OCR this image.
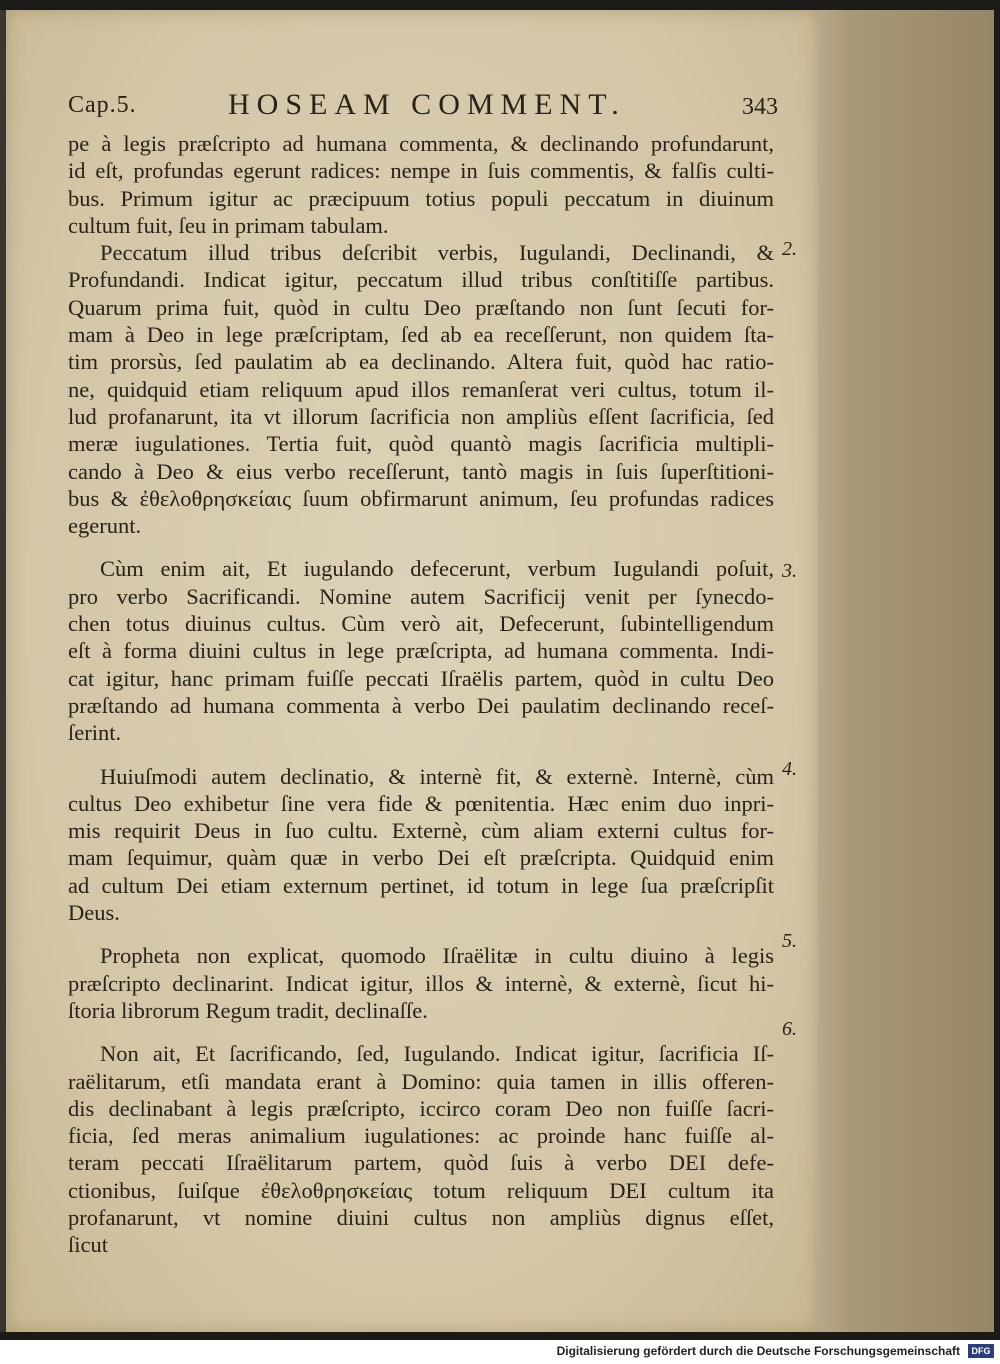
Cap.5.	HOSEAM COMMENT.	343
pe à legis præſcripto ad humana commenta, & declinando profundarunt,
id eſt, profundas egerunt radices: nempe in ſuis commentis, & falſis culti-
bus. Primum igitur ac præcipuum totius populi peccatum in diuinum
cultum fuit, ſeu in primam tabulam.
Peccatum illud tribus deſcribit verbis, Iugulandi, Declinandi, &
Profundandi. Indicat igitur, peccatum illud tribus conſtitiſſe partibus.
Quarum prima fuit, quòd in cultu Deo præſtando non ſunt ſecuti for-
mam à Deo in lege præſcriptam, ſed ab ea receſſerunt, non quidem ſta-
tim prorsùs, ſed paulatim ab ea declinando. Altera fuit, quòd hac ratio-
ne, quidquid etiam reliquum apud illos remanſerat veri cultus, totum il-
lud profanarunt, ita vt illorum ſacrificia non ampliùs eſſent ſacrificia, ſed
meræ iugulationes. Tertia fuit, quòd quantò magis ſacrificia multipli-
cando à Deo & eius verbo receſſerunt, tantò magis in ſuis ſuperſtitioni-
bus & ἐθελοθρησκείαις ſuum obfirmarunt animum, ſeu profundas radices
egerunt.
Cùm enim ait, Et iugulando defecerunt, verbum Iugulandi poſuit,
pro verbo Sacrificandi. Nomine autem Sacrificij venit per ſynecdo-
chen totus diuinus cultus. Cùm verò ait, Defecerunt, ſubintelligendum
eſt à forma diuini cultus in lege præſcripta, ad humana commenta. Indi-
cat igitur, hanc primam fuiſſe peccati Iſraëlis partem, quòd in cultu Deo
præſtando ad humana commenta à verbo Dei paulatim declinando receſ-
ſerint.
Huiuſmodi autem declinatio, & internè fit, & externè. Internè, cùm
cultus Deo exhibetur ſine vera fide & pœnitentia. Hæc enim duo inpri-
mis requirit Deus in ſuo cultu. Externè, cùm aliam externi cultus for-
mam ſequimur, quàm quæ in verbo Dei eſt præſcripta. Quidquid enim
ad cultum Dei etiam externum pertinet, id totum in lege ſua præſcripſit
Deus.
Propheta non explicat, quomodo Iſraëlitæ in cultu diuino à legis
præſcripto declinarint. Indicat igitur, illos & internè, & externè, ſicut hi-
ſtoria librorum Regum tradit, declinaſſe.
Non ait, Et ſacrificando, ſed, Iugulando. Indicat igitur, ſacrificia Iſ-
raëlitarum, etſi mandata erant à Domino: quia tamen in illis offeren-
dis declinabant à legis præſcripto, iccirco coram Deo non fuiſſe ſacri-
ficia, ſed meras animalium iugulationes: ac proinde hanc fuiſſe al-
teram peccati Iſraëlitarum partem, quòd ſuis à verbo DEI defe-
ctionibus, ſuiſque ἐθελοθρησκείαις totum reliquum DEI cultum ita
profanarunt, vt nomine diuini cultus non ampliùs dignus eſſet,
ſicut
2.
3.
4.
5.
6.
Digitalisierung gefördert durch die Deutsche Forschungsgemeinschaft	DFG
